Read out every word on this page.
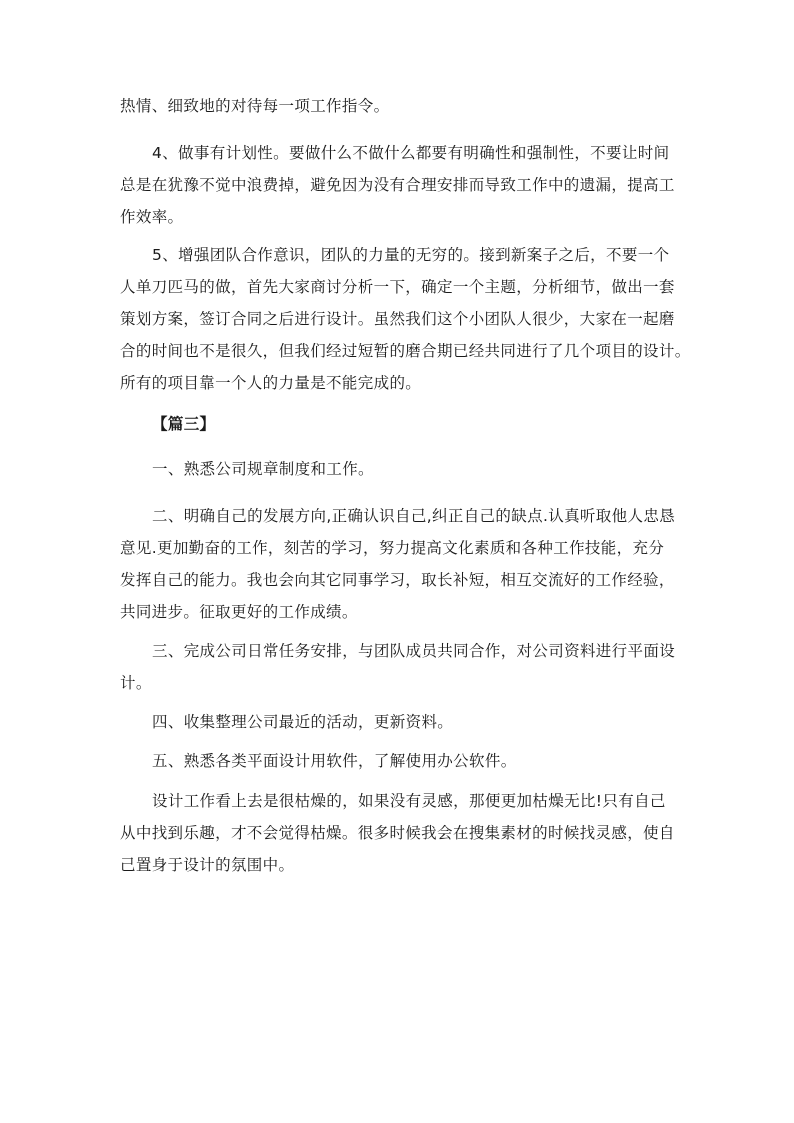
热情、细致地的对待每一项工作指令。
4、做事有计划性。要做什么不做什么都要有明确性和强制性，不要让时间
总是在犹豫不觉中浪费掉，避免因为没有合理安排而导致工作中的遗漏，提高工
作效率。
5、增强团队合作意识，团队的力量的无穷的。接到新案子之后，不要一个
人单刀匹马的做，首先大家商讨分析一下，确定一个主题，分析细节，做出一套
策划方案，签订合同之后进行设计。虽然我们这个小团队人很少，大家在一起磨
合的时间也不是很久，但我们经过短暂的磨合期已经共同进行了几个项目的设计。
所有的项目靠一个人的力量是不能完成的。
【篇三】
一、熟悉公司规章制度和工作。
二、明确自己的发展方向,正确认识自己,纠正自己的缺点.认真听取他人忠恳
意见.更加勤奋的工作，刻苦的学习，努力提高文化素质和各种工作技能，充分
发挥自己的能力。我也会向其它同事学习，取长补短，相互交流好的工作经验，
共同进步。征取更好的工作成绩。
三、完成公司日常任务安排，与团队成员共同合作，对公司资料进行平面设
计。
四、收集整理公司最近的活动，更新资料。
五、熟悉各类平面设计用软件，了解使用办公软件。
设计工作看上去是很枯燥的，如果没有灵感，那便更加枯燥无比!只有自己
从中找到乐趣，才不会觉得枯燥。很多时候我会在搜集素材的时候找灵感，使自
己置身于设计的氛围中。
